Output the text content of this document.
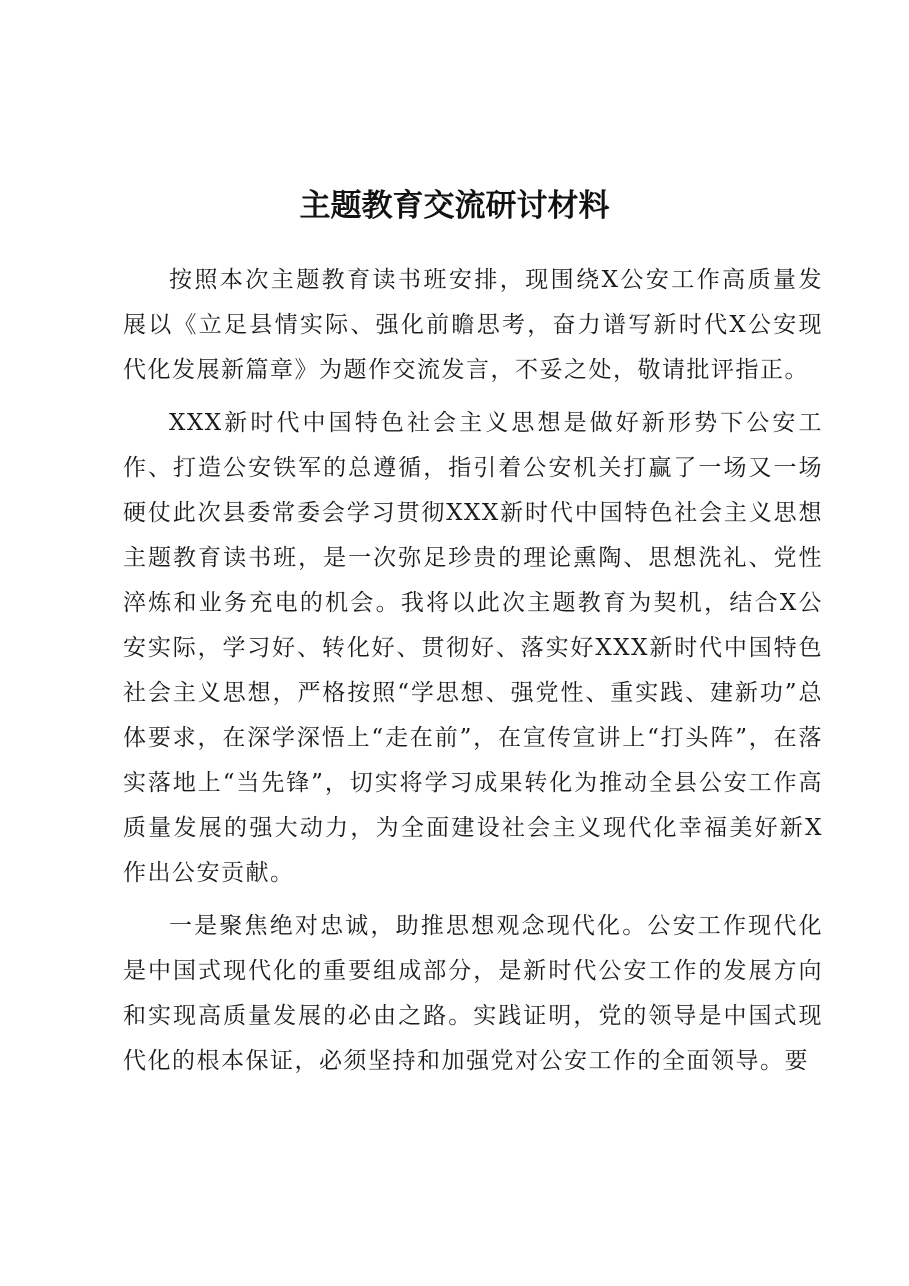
主题教育交流研讨材料

按照本次主题教育读书班安排，现围绕X公安工作高质量发展以《立足县情实际、强化前瞻思考，奋力谱写新时代X公安现代化发展新篇章》为题作交流发言，不妥之处，敬请批评指正。

XXX新时代中国特色社会主义思想是做好新形势下公安工作、打造公安铁军的总遵循，指引着公安机关打赢了一场又一场硬仗此次县委常委会学习贯彻XXX新时代中国特色社会主义思想主题教育读书班，是一次弥足珍贵的理论熏陶、思想洗礼、党性淬炼和业务充电的机会。我将以此次主题教育为契机，结合X公安实际，学习好、转化好、贯彻好、落实好XXX新时代中国特色社会主义思想，严格按照“学思想、强党性、重实践、建新功”总体要求，在深学深悟上“走在前”，在宣传宣讲上“打头阵”，在落实落地上“当先锋”，切实将学习成果转化为推动全县公安工作高质量发展的强大动力，为全面建设社会主义现代化幸福美好新X作出公安贡献。

一是聚焦绝对忠诚，助推思想观念现代化。公安工作现代化是中国式现代化的重要组成部分，是新时代公安工作的发展方向和实现高质量发展的必由之路。实践证明，党的领导是中国式现代化的根本保证，必须坚持和加强党对公安工作的全面领导。要
